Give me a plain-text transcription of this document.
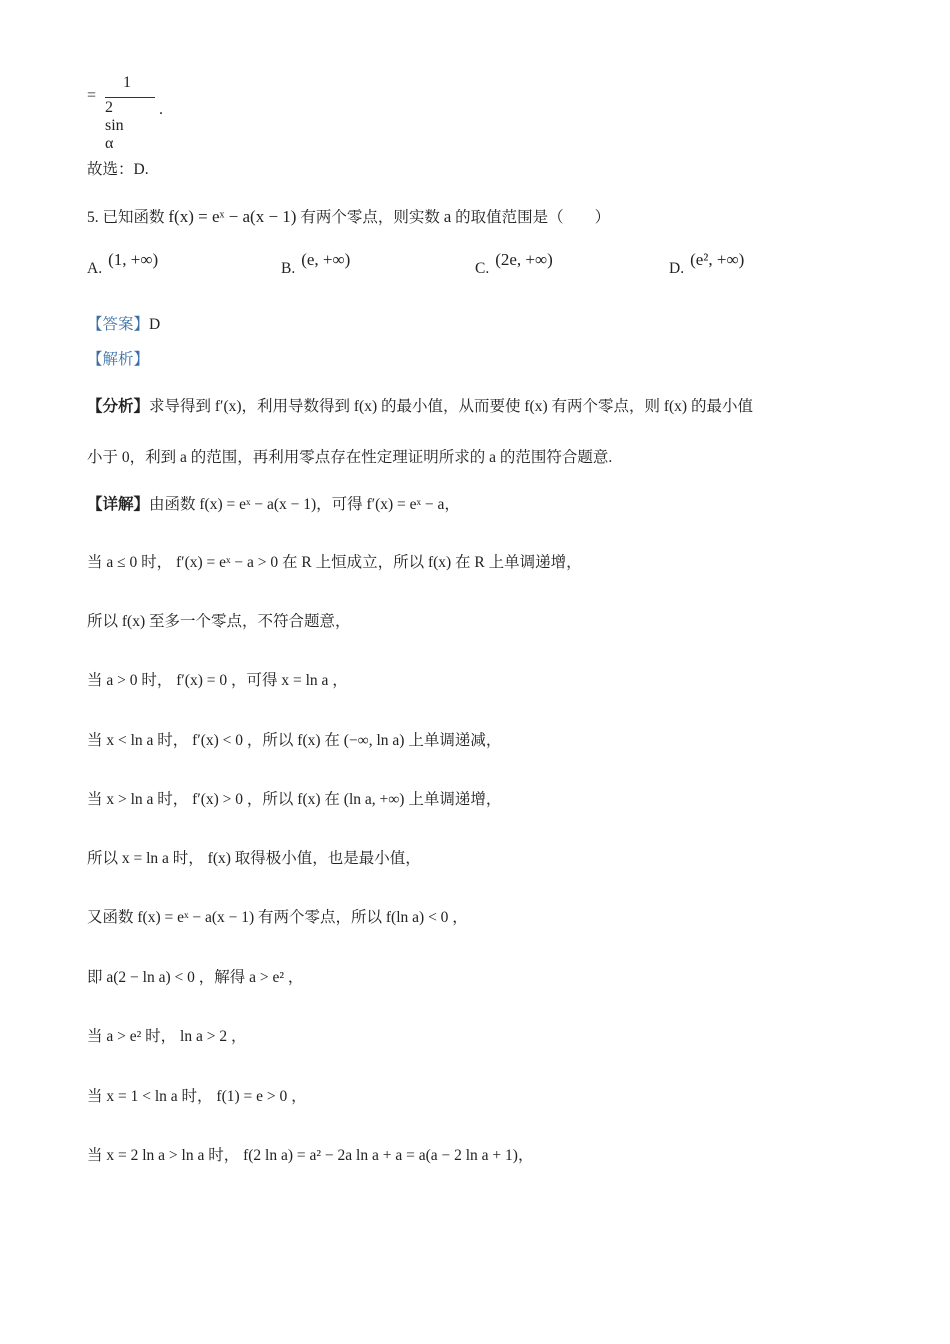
=
1
2 sin α
.
故选：D.
5. 已知函数 f(x) = eˣ − a(x − 1) 有两个零点，则实数 a 的取值范围是（　　）
A. (1, +∞)	B. (e, +∞)	C. (2e, +∞)	D. (e², +∞)
【答案】D
【解析】
【分析】求导得到 f′(x)，利用导数得到 f(x) 的最小值，从而要使 f(x) 有两个零点，则 f(x) 的最小值
小于 0，利到 a 的范围，再利用零点存在性定理证明所求的 a 的范围符合题意.
【详解】由函数 f(x) = eˣ − a(x − 1)，可得 f′(x) = eˣ − a，
当 a ≤ 0 时， f′(x) = eˣ − a > 0 在 R 上恒成立，所以 f(x) 在 R 上单调递增，
所以 f(x) 至多一个零点，不符合题意，
当 a > 0 时， f′(x) = 0 ，可得 x = ln a ，
当 x < ln a 时， f′(x) < 0 ，所以 f(x) 在 (−∞, ln a) 上单调递减，
当 x > ln a 时， f′(x) > 0 ，所以 f(x) 在 (ln a, +∞) 上单调递增，
所以 x = ln a 时， f(x) 取得极小值，也是最小值，
又函数 f(x) = eˣ − a(x − 1) 有两个零点，所以 f(ln a) < 0 ，
即 a(2 − ln a) < 0 ，解得 a > e² ，
当 a > e² 时， ln a > 2 ，
当 x = 1 < ln a 时， f(1) = e > 0 ，
当 x = 2 ln a > ln a 时， f(2 ln a) = a² − 2a ln a + a = a(a − 2 ln a + 1)，
